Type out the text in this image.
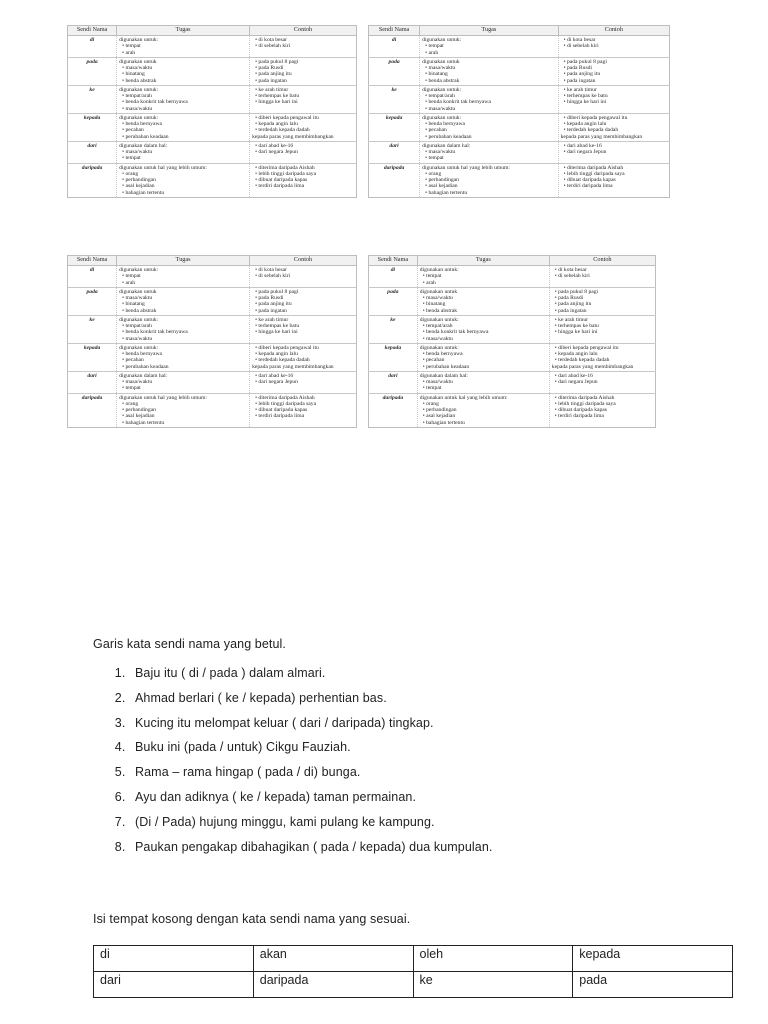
Sendi Nama	Tugas	Contoh
di	digunakan untuk:
• tempat
• arah	• di kota besar
• di sebelah kiri

pada	digunakan untuk
• masa/waktu
• binatang
• benda abstrak	• pada pukul 8 pagi
• pada Rusdi
• pada anjing itu
• pada ingatan

ke	digunakan untuk:
• tempat/arah
• benda konkrit tak bernyawa
• masa/waktu	• ke arah timur
• terhempas ke batu
• hingga ke hari ini

kepada	digunakan untuk:
• benda bernyawa
• pecahan
• perubahan keadaan	• diberi kepada pengawal itu
• kepada angin lalu
• terdedah kepada dadah
kepada paras yang membimbangkan

dari	digunakan dalam hal:
• masa/waktu
• tempat	• dari abad ke-16
• dari negara Jepun

daripada	digunakan untuk hal yang lebih umum:
• orang
• perbandingan
• asal kejadian
• bahagian tertentu	• diterima daripada Aishah
• lebih tinggi daripada saya
• dibuat daripada kapas
• terdiri daripada lima
Sendi Nama	Tugas	Contoh
di	digunakan untuk:
• tempat
• arah	• di kota besar
• di sebelah kiri

pada	digunakan untuk
• masa/waktu
• binatang
• benda abstrak	• pada pukul 8 pagi
• pada Rusdi
• pada anjing itu
• pada ingatan

ke	digunakan untuk:
• tempat/arah
• benda konkrit tak bernyawa
• masa/waktu	• ke arah timur
• terhempas ke batu
• hingga ke hari ini

kepada	digunakan untuk:
• benda bernyawa
• pecahan
• perubahan keadaan	• diberi kepada pengawal itu
• kepada angin lalu
• terdedah kepada dadah
kepada paras yang membimbangkan

dari	digunakan dalam hal:
• masa/waktu
• tempat	• dari abad ke-16
• dari negara Jepun

daripada	digunakan untuk hal yang lebih umum:
• orang
• perbandingan
• asal kejadian
• bahagian tertentu	• diterima daripada Aishah
• lebih tinggi daripada saya
• dibuat daripada kapas
• terdiri daripada lima
Sendi Nama	Tugas	Contoh
di	digunakan untuk:
• tempat
• arah	• di kota besar
• di sebelah kiri

pada	digunakan untuk
• masa/waktu
• binatang
• benda abstrak	• pada pukul 8 pagi
• pada Rusdi
• pada anjing itu
• pada ingatan

ke	digunakan untuk:
• tempat/arah
• benda konkrit tak bernyawa
• masa/waktu	• ke arah timur
• terhempas ke batu
• hingga ke hari ini

kepada	digunakan untuk:
• benda bernyawa
• pecahan
• perubahan keadaan	• diberi kepada pengawal itu
• kepada angin lalu
• terdedah kepada dadah
kepada paras yang membimbangkan

dari	digunakan dalam hal:
• masa/waktu
• tempat	• dari abad ke-16
• dari negara Jepun

daripada	digunakan untuk hal yang lebih umum:
• orang
• perbandingan
• asal kejadian
• bahagian tertentu	• diterima daripada Aishah
• lebih tinggi daripada saya
• dibuat daripada kapas
• terdiri daripada lima
Sendi Nama	Tugas	Contoh
di	digunakan untuk:
• tempat
• arah	• di kota besar
• di sebelah kiri

pada	digunakan untuk
• masa/waktu
• binatang
• benda abstrak	• pada pukul 8 pagi
• pada Rusdi
• pada anjing itu
• pada ingatan

ke	digunakan untuk:
• tempat/arah
• benda konkrit tak bernyawa
• masa/waktu	• ke arah timur
• terhempas ke batu
• hingga ke hari ini

kepada	digunakan untuk:
• benda bernyawa
• pecahan
• perubahan keadaan	• diberi kepada pengawal itu
• kepada angin lalu
• terdedah kepada dadah
kepada paras yang membimbangkan

dari	digunakan dalam hal:
• masa/waktu
• tempat	• dari abad ke-16
• dari negara Jepun

daripada	digunakan untuk hal yang lebih umum:
• orang
• perbandingan
• asal kejadian
• bahagian tertentu	• diterima daripada Aishah
• lebih tinggi daripada saya
• dibuat daripada kapas
• terdiri daripada lima
Garis kata sendi nama yang betul.
1. Baju itu ( di / pada ) dalam almari.
2. Ahmad berlari ( ke / kepada) perhentian bas.
3. Kucing itu melompat keluar ( dari / daripada) tingkap.
4. Buku ini (pada / untuk) Cikgu Fauziah.
5. Rama – rama hingap ( pada / di) bunga.
6. Ayu dan adiknya ( ke / kepada) taman permainan.
7. (Di / Pada) hujung minggu, kami pulang ke kampung.
8. Paukan pengakap dibahagikan ( pada / kepada) dua kumpulan.
Isi tempat kosong dengan kata sendi nama yang sesuai.
di	akan	oleh	kepada
dari	daripada	ke	pada
